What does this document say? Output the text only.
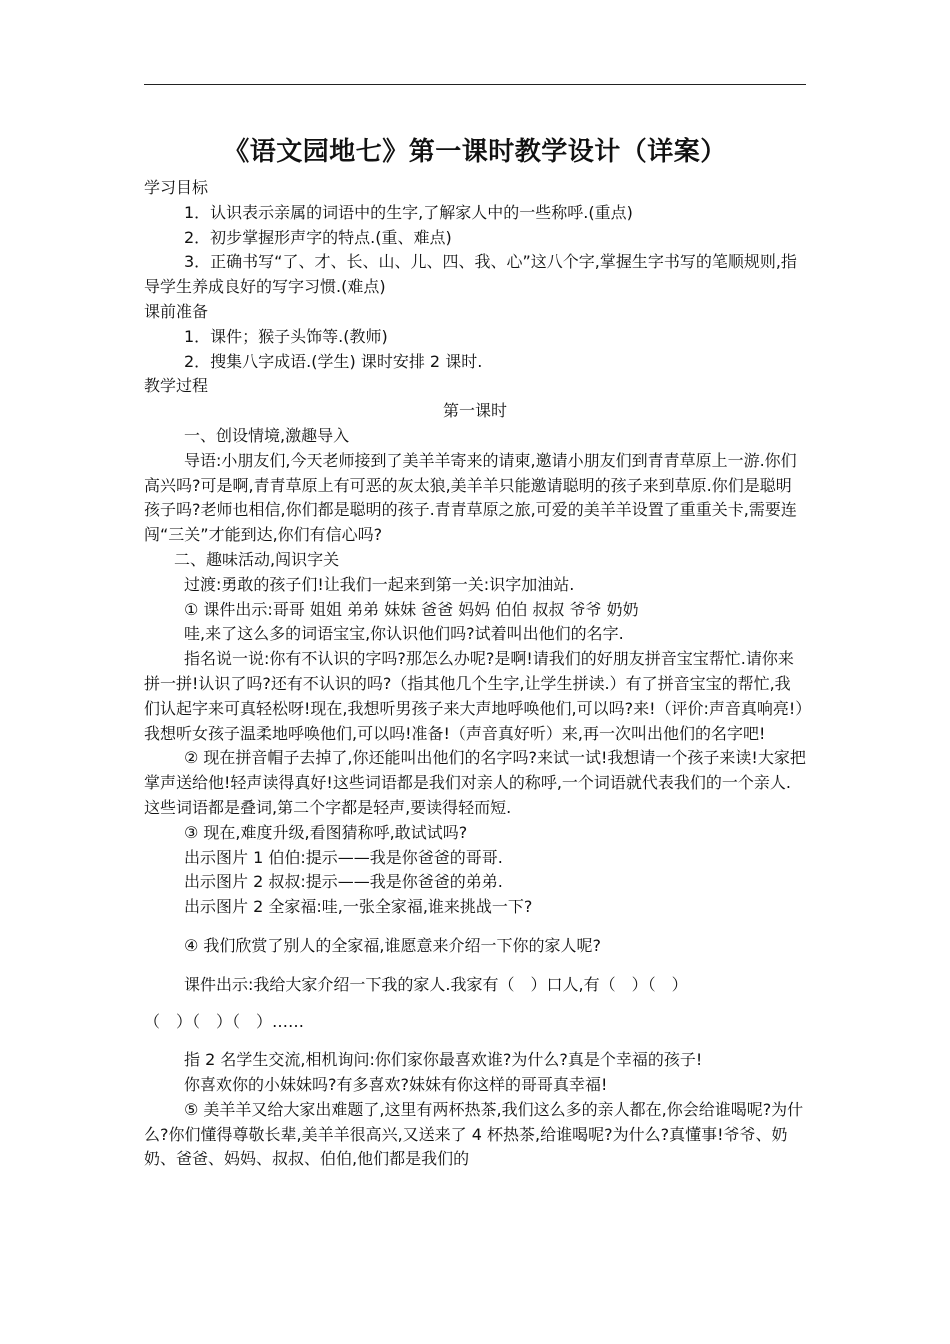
《语文园地七》第一课时教学设计（详案）

学习目标

1．认识表示亲属的词语中的生字,了解家人中的一些称呼.(重点)

2．初步掌握形声字的特点.(重、难点)

3．正确书写“了、才、长、山、儿、四、我、心”这八个字,掌握生字书写的笔顺规则,指导学生养成良好的写字习惯.(难点)

课前准备

1．课件；猴子头饰等.(教师)

2．搜集八字成语.(学生) 课时安排 2 课时.

教学过程

第一课时

一、创设情境,激趣导入

导语:小朋友们,今天老师接到了美羊羊寄来的请柬,邀请小朋友们到青青草原上一游.你们高兴吗?可是啊,青青草原上有可恶的灰太狼,美羊羊只能邀请聪明的孩子来到草原.你们是聪明孩子吗?老师也相信,你们都是聪明的孩子.青青草原之旅,可爱的美羊羊设置了重重关卡,需要连闯“三关”才能到达,你们有信心吗?

二、趣味活动,闯识字关

过渡:勇敢的孩子们!让我们一起来到第一关:识字加油站.

① 课件出示:哥哥 姐姐 弟弟 妹妹 爸爸 妈妈 伯伯 叔叔 爷爷 奶奶

哇,来了这么多的词语宝宝,你认识他们吗?试着叫出他们的名字.

指名说一说:你有不认识的字吗?那怎么办呢?是啊!请我们的好朋友拼音宝宝帮忙.请你来拼一拼!认识了吗?还有不认识的吗?（指其他几个生字,让学生拼读.）有了拼音宝宝的帮忙,我们认起字来可真轻松呀!现在,我想听男孩子来大声地呼唤他们,可以吗?来!（评价:声音真响亮!）我想听女孩子温柔地呼唤他们,可以吗!准备!（声音真好听）来,再一次叫出他们的名字吧!

② 现在拼音帽子去掉了,你还能叫出他们的名字吗?来试一试!我想请一个孩子来读!大家把掌声送给他!轻声读得真好!这些词语都是我们对亲人的称呼,一个词语就代表我们的一个亲人.这些词语都是叠词,第二个字都是轻声,要读得轻而短.

③ 现在,难度升级,看图猜称呼,敢试试吗?

出示图片 1 伯伯:提示——我是你爸爸的哥哥.

出示图片 2 叔叔:提示——我是你爸爸的弟弟.

出示图片 2 全家福:哇,一张全家福,谁来挑战一下?

④ 我们欣赏了别人的全家福,谁愿意来介绍一下你的家人呢?

课件出示:我给大家介绍一下我的家人.我家有（　）口人,有（　）（　）

（　）（　）（　）……

指 2 名学生交流,相机询问:你们家你最喜欢谁?为什么?真是个幸福的孩子!

你喜欢你的小妹妹吗?有多喜欢?妹妹有你这样的哥哥真幸福!

⑤ 美羊羊又给大家出难题了,这里有两杯热茶,我们这么多的亲人都在,你会给谁喝呢?为什么?你们懂得尊敬长辈,美羊羊很高兴,又送来了 4 杯热茶,给谁喝呢?为什么?真懂事!爷爷、奶奶、爸爸、妈妈、叔叔、伯伯,他们都是我们的
